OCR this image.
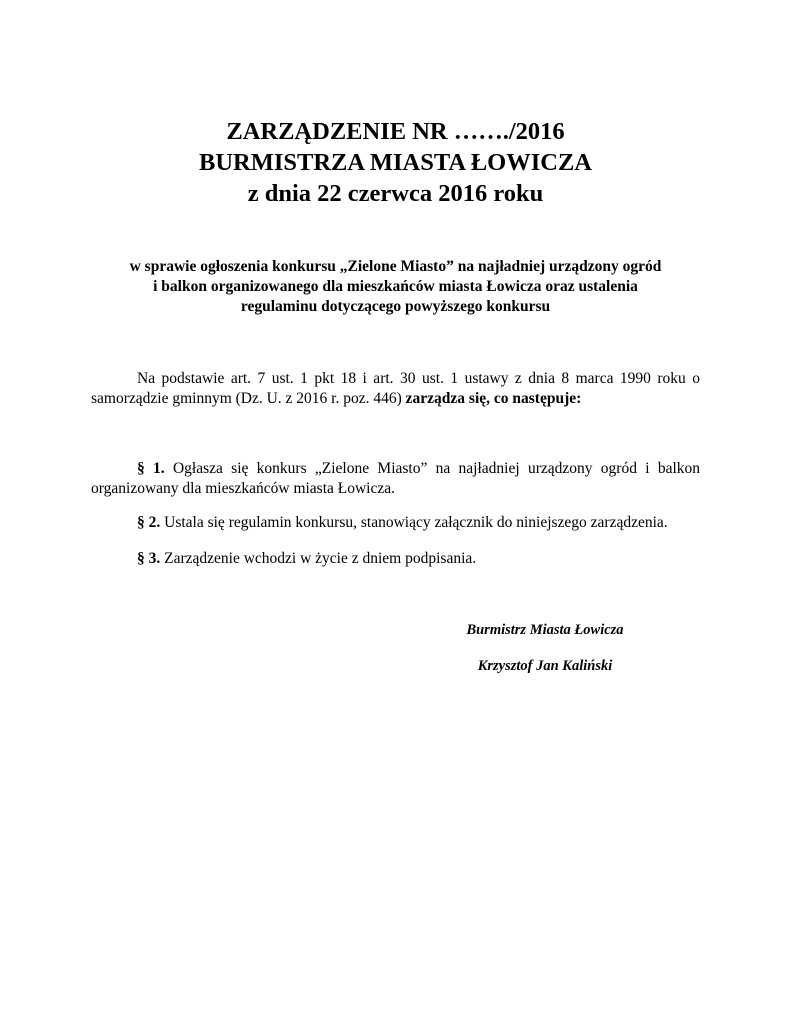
ZARZĄDZENIE NR ……./2016
BURMISTRZA MIASTA ŁOWICZA
z dnia 22 czerwca 2016 roku
w sprawie ogłoszenia konkursu „Zielone Miasto” na najładniej urządzony ogród
i balkon organizowanego dla mieszkańców miasta Łowicza oraz ustalenia
regulaminu dotyczącego powyższego konkursu
Na podstawie art. 7 ust. 1 pkt 18 i art. 30 ust. 1 ustawy z dnia 8 marca 1990 roku o samorządzie gminnym (Dz. U. z 2016 r. poz. 446) zarządza się, co następuje:
§ 1. Ogłasza się konkurs „Zielone Miasto” na najładniej urządzony ogród i balkon organizowany dla mieszkańców miasta Łowicza.
§ 2. Ustala się regulamin konkursu, stanowiący załącznik do niniejszego zarządzenia.
§ 3. Zarządzenie wchodzi w życie z dniem podpisania.
Burmistrz Miasta Łowicza
Krzysztof Jan Kaliński
